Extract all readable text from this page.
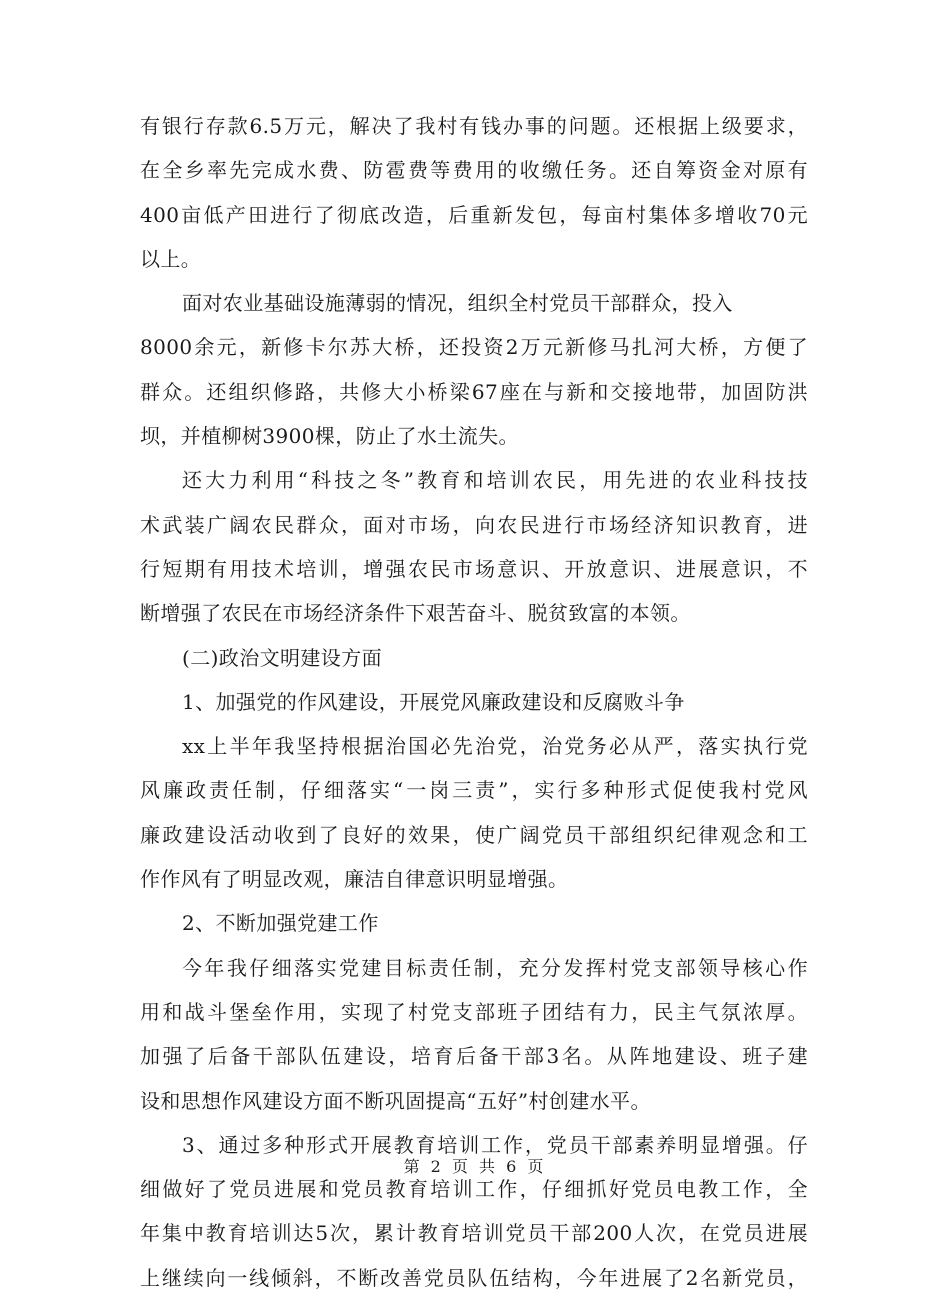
有银行存款6.5万元，解决了我村有钱办事的问题。还根据上级要求，
在全乡率先完成水费、防雹费等费用的收缴任务。还自筹资金对原有
400亩低产田进行了彻底改造，后重新发包，每亩村集体多增收70元
以上。
面对农业基础设施薄弱的情况，组织全村党员干部群众，投入
8000余元，新修卡尔苏大桥，还投资2万元新修马扎河大桥，方便了
群众。还组织修路，共修大小桥梁67座在与新和交接地带，加固防洪
坝，并植柳树3900棵，防止了水土流失。
还大力利用“科技之冬”教育和培训农民，用先进的农业科技技
术武装广阔农民群众，面对市场，向农民进行市场经济知识教育，进
行短期有用技术培训，增强农民市场意识、开放意识、进展意识，不
断增强了农民在市场经济条件下艰苦奋斗、脱贫致富的本领。
(二)政治文明建设方面
1、加强党的作风建设，开展党风廉政建设和反腐败斗争
xx上半年我坚持根据治国必先治党，治党务必从严，落实执行党
风廉政责任制，仔细落实“一岗三责”，实行多种形式促使我村党风
廉政建设活动收到了良好的效果，使广阔党员干部组织纪律观念和工
作作风有了明显改观，廉洁自律意识明显增强。
2、不断加强党建工作
今年我仔细落实党建目标责任制，充分发挥村党支部领导核心作
用和战斗堡垒作用，实现了村党支部班子团结有力，民主气氛浓厚。
加强了后备干部队伍建设，培育后备干部3名。从阵地建设、班子建
设和思想作风建设方面不断巩固提高“五好”村创建水平。
3、通过多种形式开展教育培训工作，党员干部素养明显增强。仔
细做好了党员进展和党员教育培训工作，仔细抓好党员电教工作，全
年集中教育培训达5次，累计教育培训党员干部200人次，在党员进展
上继续向一线倾斜，不断改善党员队伍结构，今年进展了2名新党员，
第 2 页 共 6 页
